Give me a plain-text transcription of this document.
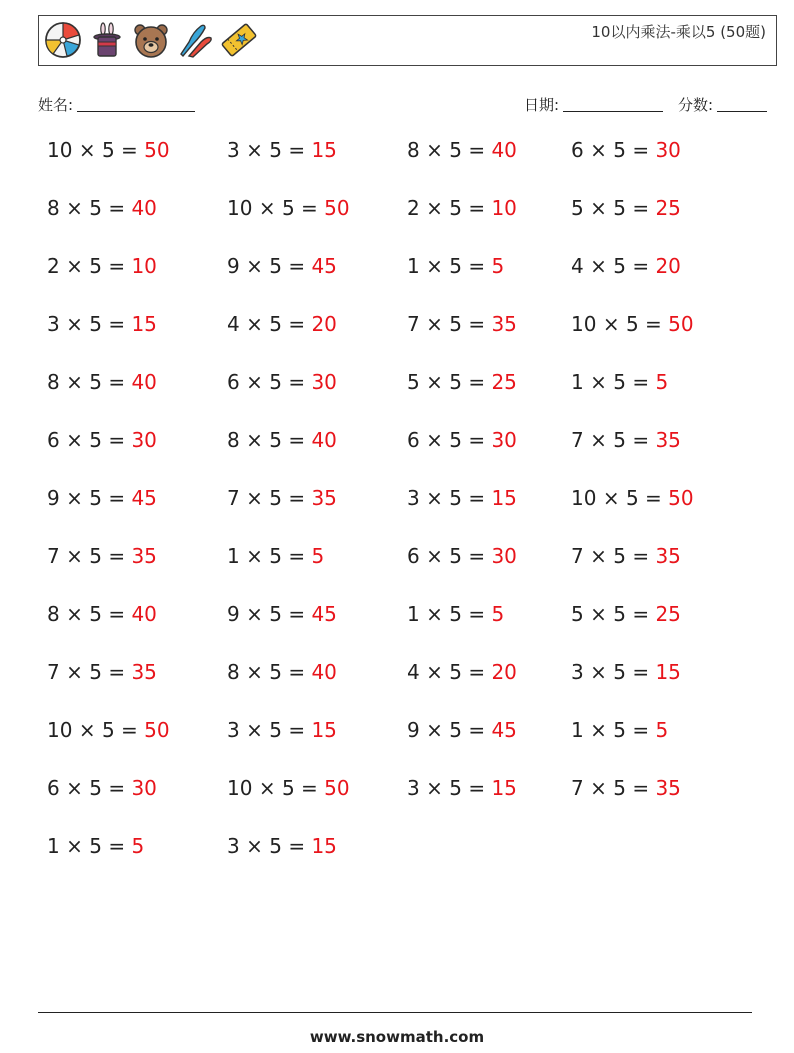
10以内乘法-乘以5 (50题)
姓名:	日期:	分数:
10 × 5 = 50	3 × 5 = 15	8 × 5 = 40	6 × 5 = 30
8 × 5 = 40	10 × 5 = 50	2 × 5 = 10	5 × 5 = 25
2 × 5 = 10	9 × 5 = 45	1 × 5 = 5	4 × 5 = 20
3 × 5 = 15	4 × 5 = 20	7 × 5 = 35	10 × 5 = 50
8 × 5 = 40	6 × 5 = 30	5 × 5 = 25	1 × 5 = 5
6 × 5 = 30	8 × 5 = 40	6 × 5 = 30	7 × 5 = 35
9 × 5 = 45	7 × 5 = 35	3 × 5 = 15	10 × 5 = 50
7 × 5 = 35	1 × 5 = 5	6 × 5 = 30	7 × 5 = 35
8 × 5 = 40	9 × 5 = 45	1 × 5 = 5	5 × 5 = 25
7 × 5 = 35	8 × 5 = 40	4 × 5 = 20	3 × 5 = 15
10 × 5 = 50	3 × 5 = 15	9 × 5 = 45	1 × 5 = 5
6 × 5 = 30	10 × 5 = 50	3 × 5 = 15	7 × 5 = 35
1 × 5 = 5	3 × 5 = 15
www.snowmath.com
